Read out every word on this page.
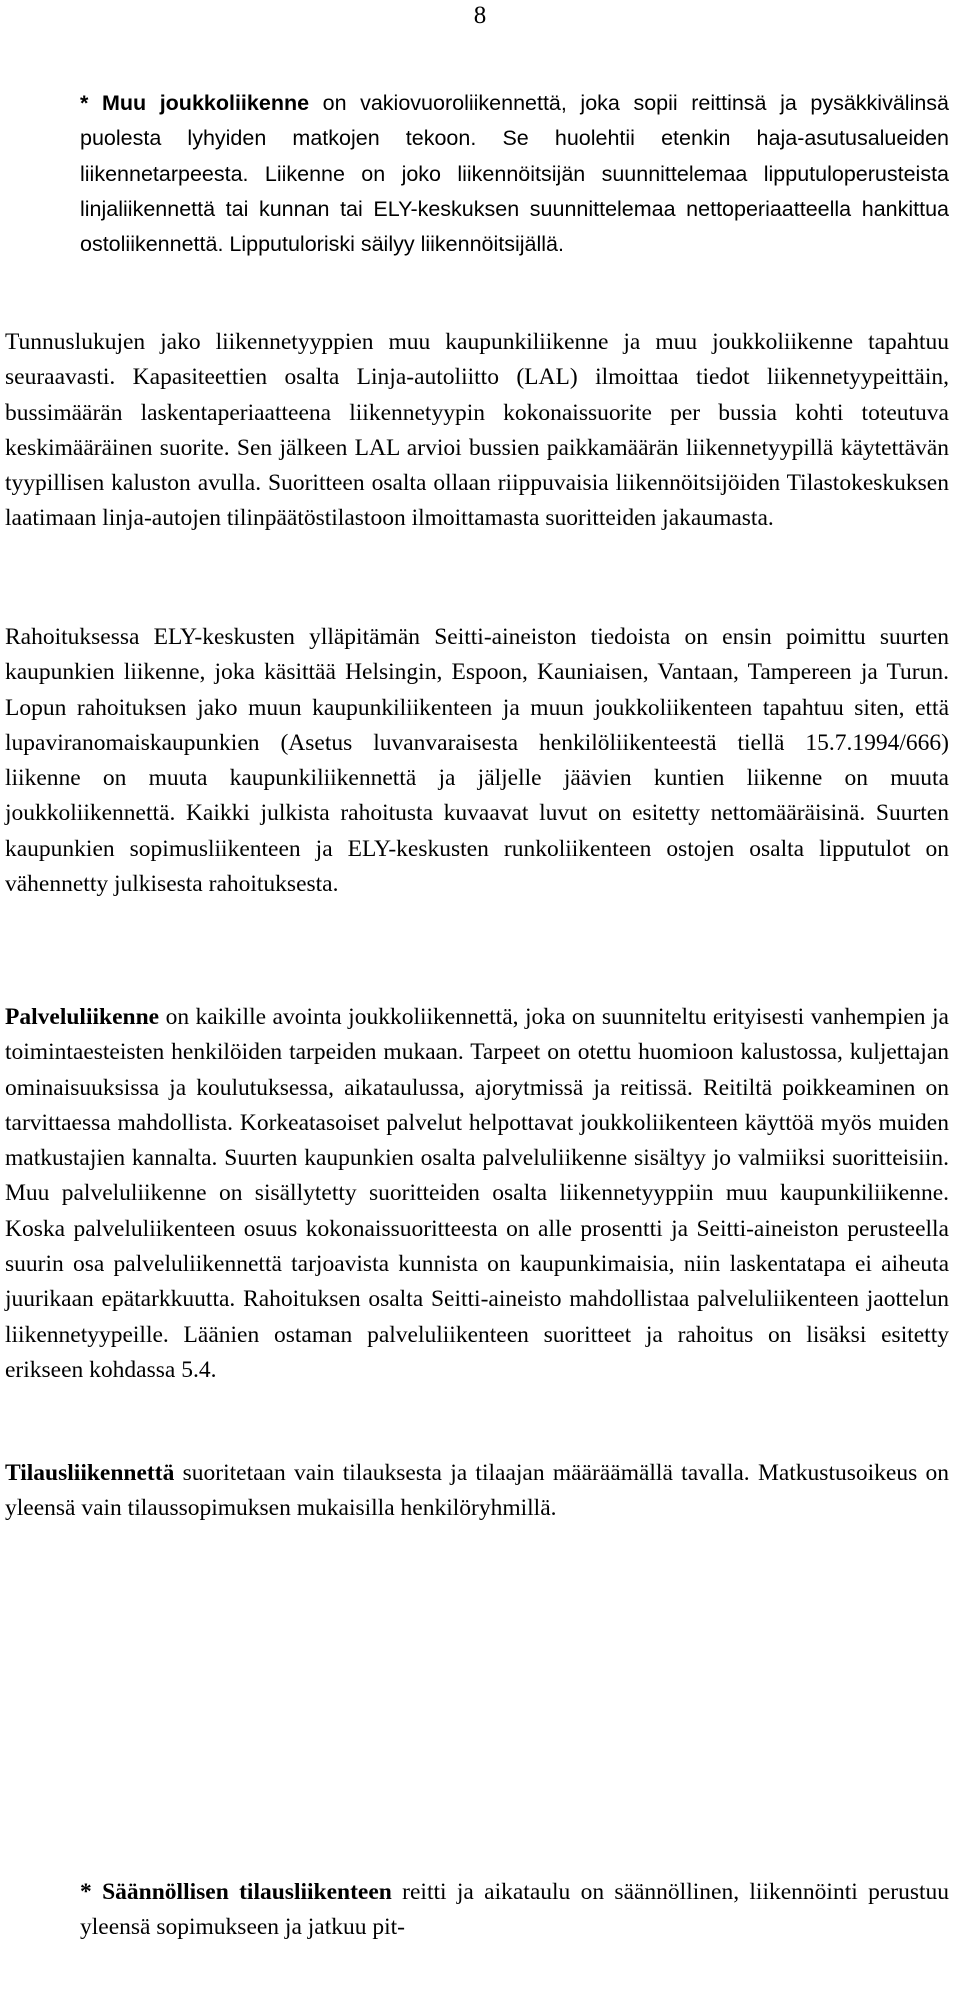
8

* Muu joukkoliikenne on vakiovuoroliikennettä, joka sopii reittinsä ja pysäkkivälinsä puolesta lyhyiden matkojen tekoon. Se huolehtii etenkin haja-asutusalueiden liikennetarpeesta. Liikenne on joko liikennöitsijän suunnittelemaa lipputuloperusteista linjaliikennettä tai kunnan tai ELY-keskuksen suunnittelemaa nettoperiaatteella hankittua ostoliikennettä. Lipputuloriski säilyy liikennöitsijällä.

Tunnuslukujen jako liikennetyyppien muu kaupunkiliikenne ja muu joukkoliikenne tapahtuu seuraavasti. Kapasiteettien osalta Linja-autoliitto (LAL) ilmoittaa tiedot liikennetyypeittäin, bussimäärän laskentaperiaatteena liikennetyypin kokonaissuorite per bussia kohti toteutuva keskimääräinen suorite. Sen jälkeen LAL arvioi bussien paikkamäärän liikennetyypillä käytettävän tyypillisen kaluston avulla. Suoritteen osalta ollaan riippuvaisia liikennöitsijöiden Tilastokeskuksen laatimaan linja-autojen tilinpäätöstilastoon ilmoittamasta suoritteiden jakaumasta.

Rahoituksessa ELY-keskusten ylläpitämän Seitti-aineiston tiedoista on ensin poimittu suurten kaupunkien liikenne, joka käsittää Helsingin, Espoon, Kauniaisen, Vantaan, Tampereen ja Turun. Lopun rahoituksen jako muun kaupunkiliikenteen ja muun joukkoliikenteen tapahtuu siten, että lupaviranomaiskaupunkien (Asetus luvanvaraisesta henkilöliikenteestä tiellä 15.7.1994/666) liikenne on muuta kaupunkiliikennettä ja jäljelle jäävien kuntien liikenne on muuta joukkoliikennettä. Kaikki julkista rahoitusta kuvaavat luvut on esitetty nettomääräisinä. Suurten kaupunkien sopimusliikenteen ja ELY-keskusten runkoliikenteen ostojen osalta lipputulot on vähennetty julkisesta rahoituksesta.

Palveluliikenne on kaikille avointa joukkoliikennettä, joka on suunniteltu erityisesti vanhempien ja toimintaesteisten henkilöiden tarpeiden mukaan. Tarpeet on otettu huomioon kalustossa, kuljettajan ominaisuuksissa ja koulutuksessa, aikataulussa, ajorytmissä ja reitissä. Reitiltä poikkeaminen on tarvittaessa mahdollista. Korkeatasoiset palvelut helpottavat joukkoliikenteen käyttöä myös muiden matkustajien kannalta. Suurten kaupunkien osalta palveluliikenne sisältyy jo valmiiksi suoritteisiin. Muu palveluliikenne on sisällytetty suoritteiden osalta liikennetyyppiin muu kaupunkiliikenne. Koska palveluliikenteen osuus kokonaissuoritteesta on alle prosentti ja Seitti-aineiston perusteella suurin osa palveluliikennettä tarjoavista kunnista on kaupunkimaisia, niin laskentatapa ei aiheuta juurikaan epätarkkuutta. Rahoituksen osalta Seitti-aineisto mahdollistaa palveluliikenteen jaottelun liikennetyypeille. Läänien ostaman palveluliikenteen suoritteet ja rahoitus on lisäksi esitetty erikseen kohdassa 5.4.

Tilausliikennettä suoritetaan vain tilauksesta ja tilaajan määräämällä tavalla. Matkustusoikeus on yleensä vain tilaussopimuksen mukaisilla henkilöryhmillä.

* Säännöllisen tilausliikenteen reitti ja aikataulu on säännöllinen, liikennöinti perustuu yleensä sopimukseen ja jatkuu pit-
